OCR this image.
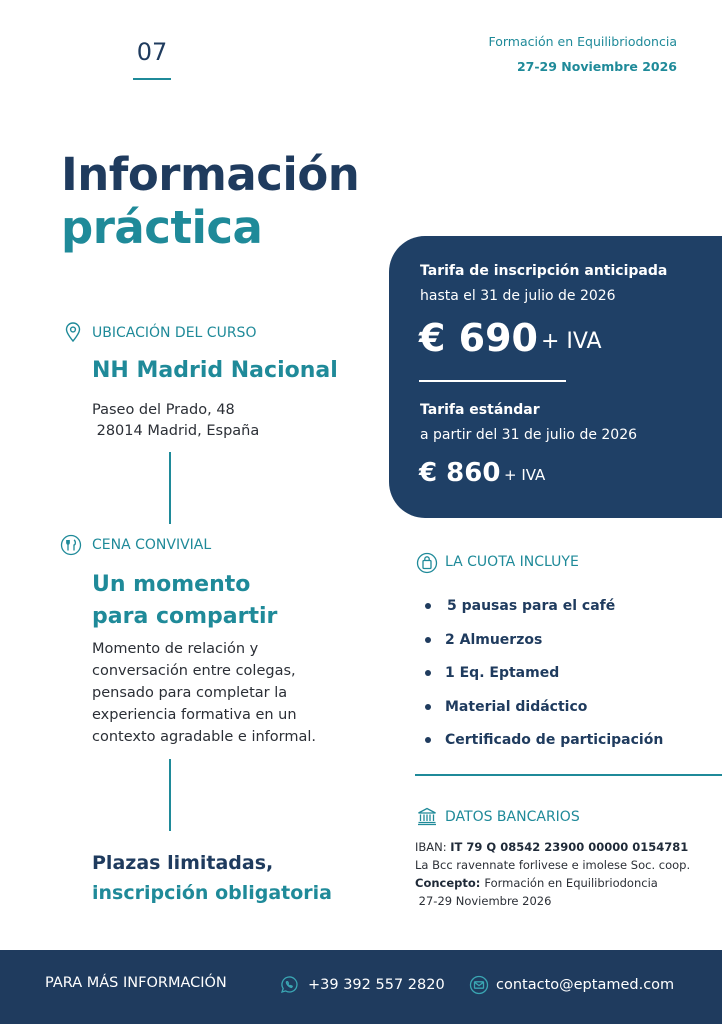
07	Formación en Equilibriodoncia
27-29 Noviembre 2026
Información
práctica
UBICACIÓN DEL CURSO
NH Madrid Nacional
Paseo del Prado, 48
28014 Madrid, España
CENA CONVIVIAL
Un momento
para compartir
Momento de relación y conversación entre colegas, pensado para completar la experiencia formativa en un contexto agradable e informal.
Plazas limitadas,
inscripción obligatoria
Tarifa de inscripción anticipada
hasta el 31 de julio de 2026
€ 690 + IVA
Tarifa estándar
a partir del 31 de julio de 2026
€ 860 + IVA
LA CUOTA INCLUYE
5 pausas para el café
2 Almuerzos
1 Eq. Eptamed
Material didáctico
Certificado de participación
DATOS BANCARIOS
IBAN: IT 79 Q 08542 23900 00000 0154781
La Bcc ravennate forlivese e imolese Soc. coop.
Concepto: Formación en Equilibriodoncia
27-29 Noviembre 2026
PARA MÁS INFORMACIÓN	+39 392 557 2820	contacto@eptamed.com
